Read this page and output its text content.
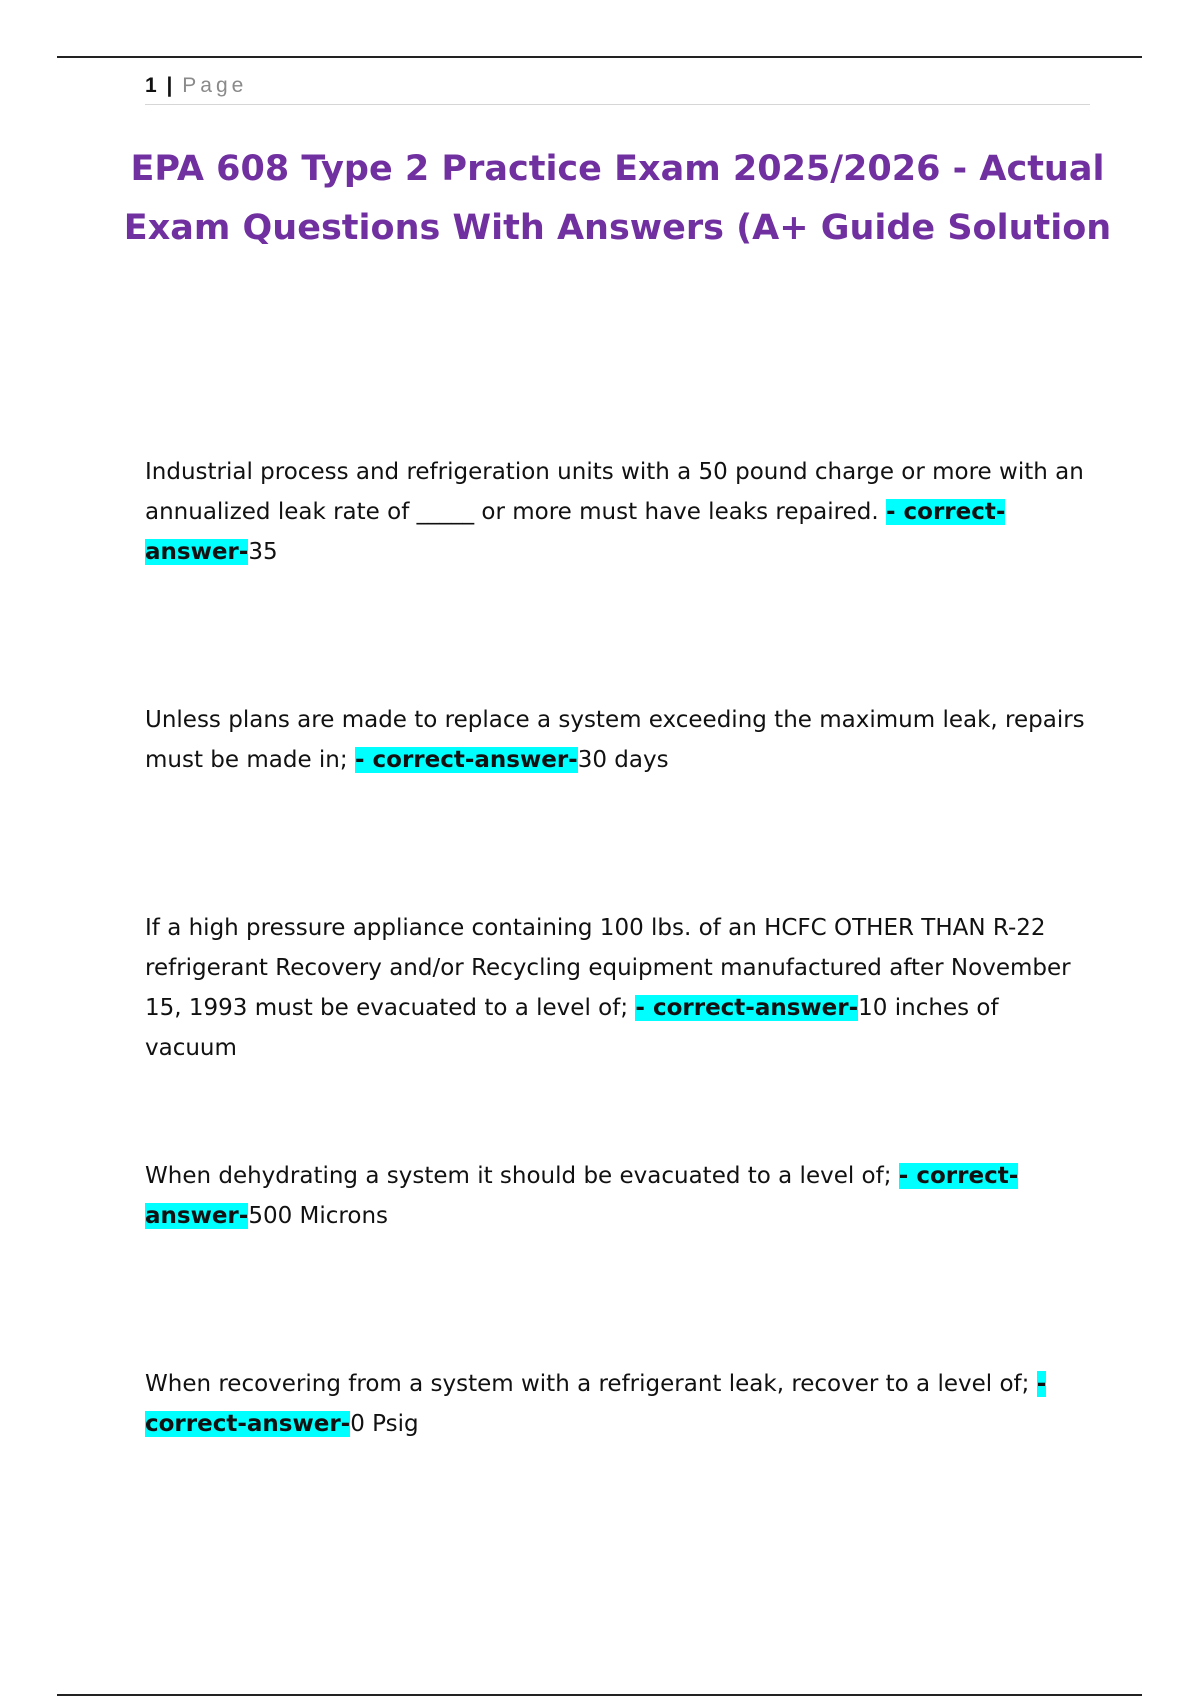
1 | Page
EPA 608 Type 2 Practice Exam 2025/2026 - Actual Exam Questions With Answers (A+ Guide Solution

Industrial process and refrigeration units with a 50 pound charge or more with an annualized leak rate of _____ or more must have leaks repaired. - correct-answer-35

Unless plans are made to replace a system exceeding the maximum leak, repairs must be made in; - correct-answer-30 days

If a high pressure appliance containing 100 lbs. of an HCFC OTHER THAN R-22 refrigerant Recovery and/or Recycling equipment manufactured after November 15, 1993 must be evacuated to a level of; - correct-answer-10 inches of vacuum

When dehydrating a system it should be evacuated to a level of; - correct-answer-500 Microns

When recovering from a system with a refrigerant leak, recover to a level of; - correct-answer-0 Psig
